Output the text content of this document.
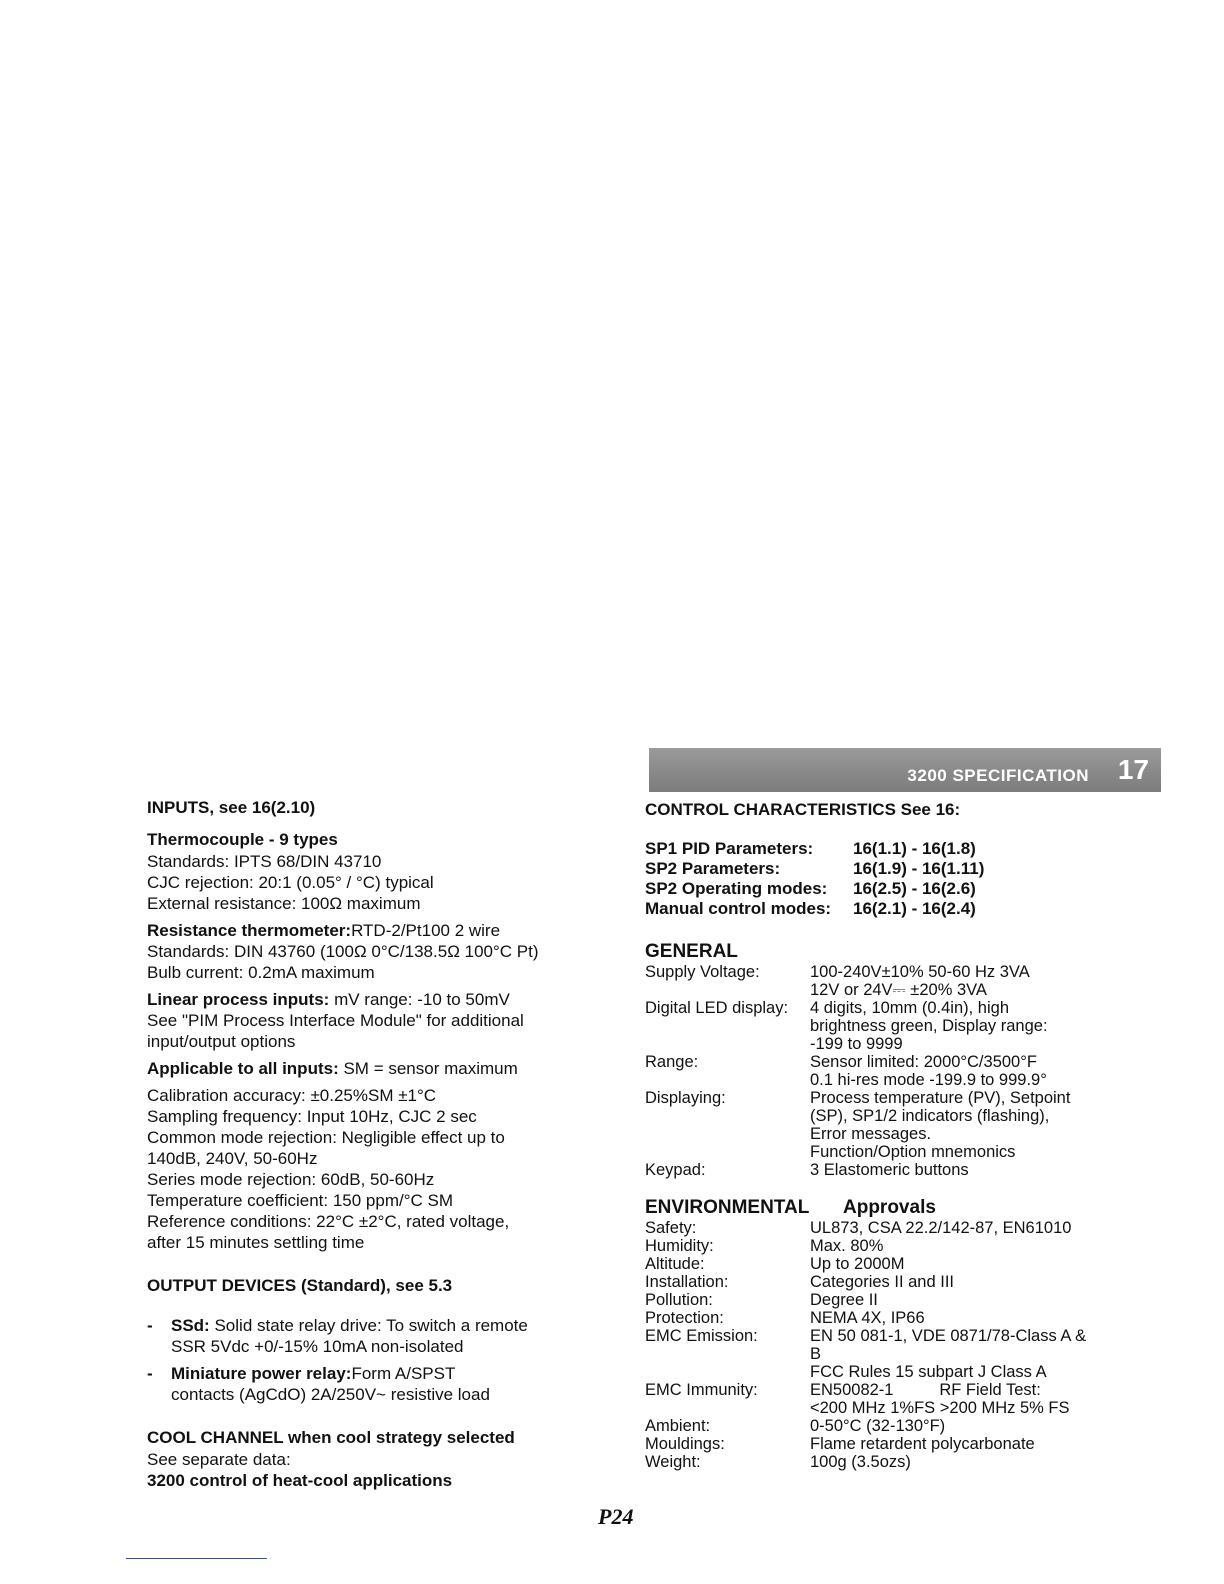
3200 SPECIFICATION 17
INPUTS, see 16(2.10)
Thermocouple - 9 types
Standards: IPTS 68/DIN 43710
CJC rejection: 20:1 (0.05° / °C) typical
External resistance: 100Ω maximum
Resistance thermometer:RTD-2/Pt100 2 wire
Standards: DIN 43760 (100Ω 0°C/138.5Ω 100°C Pt)
Bulb current: 0.2mA maximum
Linear process inputs: mV range: -10 to 50mV
See "PIM Process Interface Module" for additional
input/output options
Applicable to all inputs: SM = sensor maximum
Calibration accuracy: ±0.25%SM ±1°C
Sampling frequency: Input 10Hz, CJC 2 sec
Common mode rejection: Negligible effect up to
140dB, 240V, 50-60Hz
Series mode rejection: 60dB, 50-60Hz
Temperature coefficient: 150 ppm/°C SM
Reference conditions: 22°C ±2°C, rated voltage,
after 15 minutes settling time
OUTPUT DEVICES (Standard), see 5.3
- SSd: Solid state relay drive: To switch a remote
SSR 5Vdc +0/-15% 10mA non-isolated
- Miniature power relay:Form A/SPST
contacts (AgCdO) 2A/250V~ resistive load
COOL CHANNEL when cool strategy selected
See separate data:
3200 control of heat-cool applications
CONTROL CHARACTERISTICS See 16:
SP1 PID Parameters:	16(1.1) - 16(1.8)
SP2 Parameters:	16(1.9) - 16(1.11)
SP2 Operating modes:	16(2.5) - 16(2.6)
Manual control modes:	16(2.1) - 16(2.4)
GENERAL
Supply Voltage:	100-240V±10% 50-60 Hz 3VA
12V or 24V⎓ ±20% 3VA
Digital LED display:	4 digits, 10mm (0.4in), high
brightness green, Display range:
-199 to 9999
Range:	Sensor limited: 2000°C/3500°F
0.1 hi-res mode -199.9 to 999.9°
Displaying:	Process temperature (PV), Setpoint
(SP), SP1/2 indicators (flashing),
Error messages.
Function/Option mnemonics
Keypad:	3 Elastomeric buttons
ENVIRONMENTAL	Approvals
Safety:	UL873, CSA 22.2/142-87, EN61010
Humidity:	Max. 80%
Altitude:	Up to 2000M
Installation:	Categories II and III
Pollution:	Degree II
Protection:	NEMA 4X, IP66
EMC Emission:	EN 50 081-1, VDE 0871/78-Class A &
B
FCC Rules 15 subpart J Class A
EMC Immunity:	EN50082-1          RF Field Test:
<200 MHz 1%FS >200 MHz 5% FS
Ambient:	0-50°C (32-130°F)
Mouldings:	Flame retardent polycarbonate
Weight:	100g (3.5ozs)
P24
